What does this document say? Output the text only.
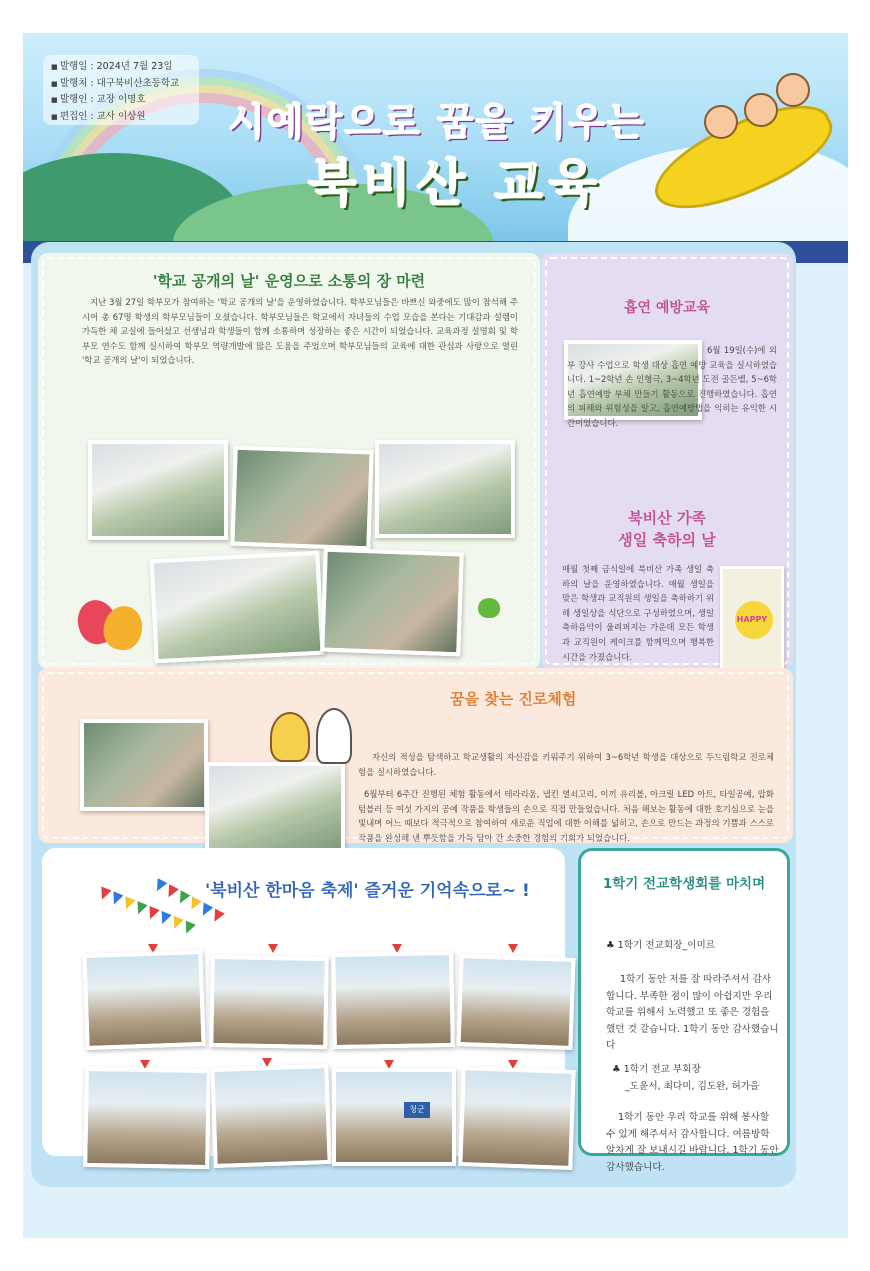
■ 발행일 : 2024년 7월 23일
■ 발행처 : 대구북비산초등학교
■ 발행인 : 교장 이명호
■ 편집인 : 교사 이상원	시예락으로 꿈을 키우는
북비산 교육
'학교 공개의 날' 운영으로 소통의 장 마련
지난 3월 27일 학부모가 참여하는 '학교 공개의 날'을 운영하였습니다. 학부모님들은 바쁘신 와중에도 많이 참석해 주시어 총 67명 학생의 학부모님들이 오셨습니다. 학부모님들은 학교에서 자녀들의 수업 모습을 본다는 기대감과 설렘이 가득한 채 교실에 들어섰고 선생님과 학생들이 함께 소통하며 성장하는 좋은 시간이 되었습니다. 교육과정 설명회 및 학부모 연수도 함께 실시하여 학부모 역량개발에 많은 도움을 주었으며 학부모님들의 교육에 대한 관심과 사랑으로 열린 '학교 공개의 날'이 되었습니다.
흡연 예방교육
6월 19일(수)에 외부 강사 수업으로 학생 대상 흡연 예방 교육을 실시하였습니다. 1~2학년 손 인형극, 3~4학년 도전 골든벨, 5~6학년 흡연예방 부채 만들기 활동으로 진행하였습니다. 흡연의 피해와 위험성을 알고, 흡연예방법을 익히는 유익한 시간이었습니다.
북비산 가족
생일 축하의 날
매월 첫째 금식일에 북비산 가족 생일 축하의 날을 운영하였습니다. 매월 생일을 맞은 학생과 교직원의 생일을 축하하기 위해 생일상을 식단으로 구성하였으며, 생일 축하음악이 울려퍼지는 가운데 모든 학생과 교직원이 케이크를 함께먹으며 행복한 시간을 가졌습니다.
HAPPY
꿈을 찾는 진로체험
자신의 적성을 탐색하고 학교생활의 자신감을 키워주기 위하여 3~6학년 학생을 대상으로 두드림학교 진로체험을 실시하였습니다.
6월부터 6주간 진행된 체험 활동에서 테라리움, 냅킨 열쇠고리, 이끼 유리볼, 아크릴 LED 아트, 타일공예, 압화 텀블러 등 여섯 가지의 공예 작품을 학생들의 손으로 직접 만들었습니다. 처음 해보는 활동에 대한 호기심으로 눈을 빛내며 어느 때보다 적극적으로 참여하여 새로운 직업에 대한 이해를 넓히고, 손으로 만드는 과정의 기쁨과 스스로 작품을 완성해 낸 뿌듯함을 가득 담아 간 소중한 경험의 기회가 되었습니다.
'북비산 한마음 축제' 즐거운 기억속으로~ !
청군
1학기 전교학생회를 마치며
♣ 1학기 전교회장_이미르
1학기 동안 저를 잘 따라주셔서 감사합니다. 부족한 점이 많이 아쉽지만 우리 학교를 위해서 노력했고 또 좋은 경험을 했던 것 같습니다. 1학기 동안 감사했습니다
♣ 1학기 전교 부회장
_도윤서, 최다미, 김도완, 허가을
1학기 동안 우리 학교를 위해 봉사할 수 있게 해주셔서 감사합니다. 여름방학 알차게 잘 보내시길 바랍니다. 1학기 동안 감사했습니다.
